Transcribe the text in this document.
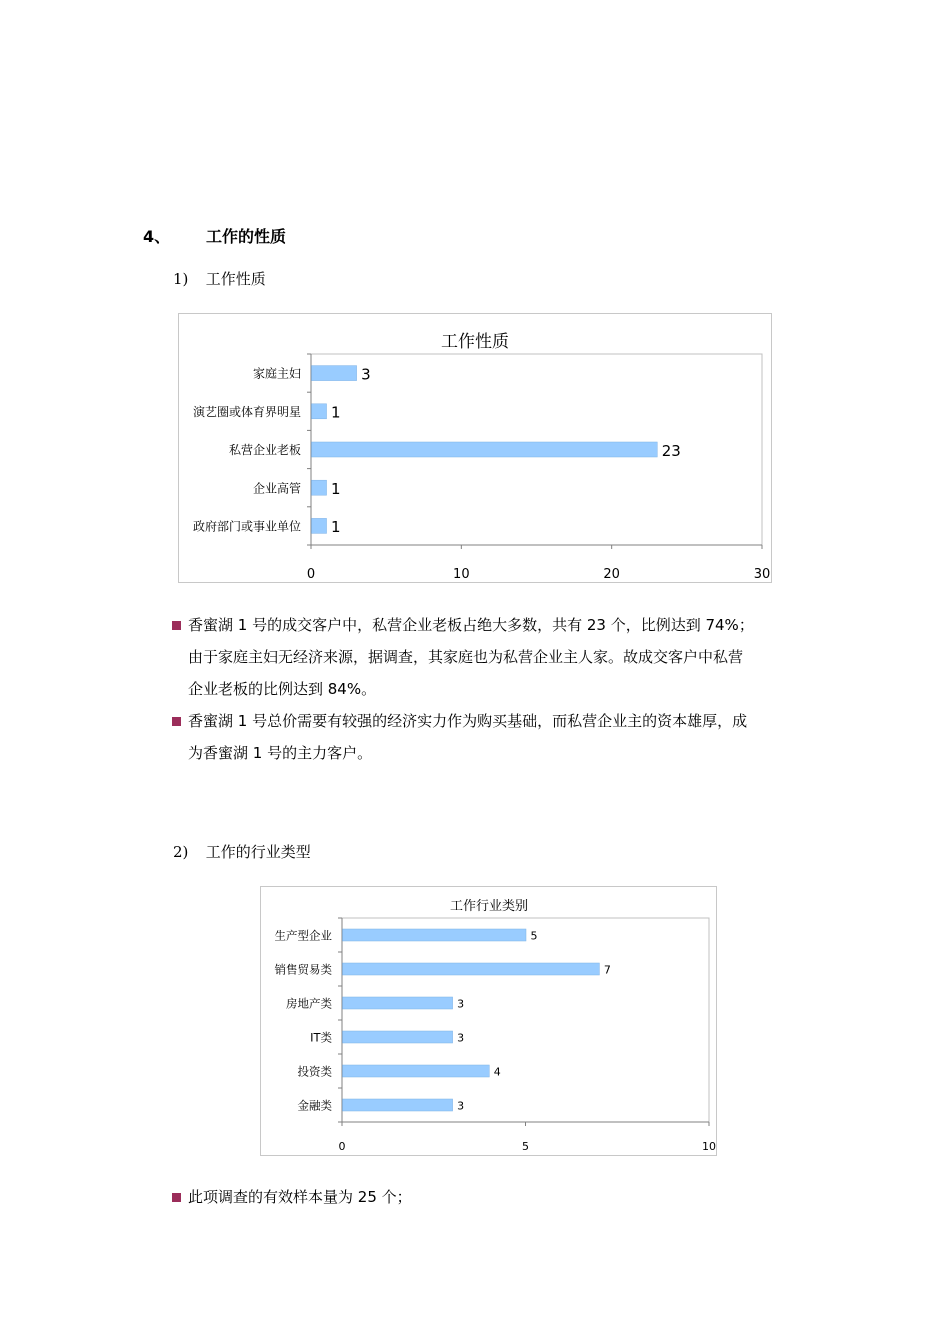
4、 工作的性质
1) 工作性质
工作性质
0	10	20	30
家庭主妇	3
演艺圈或体育界明星 1
私营企业老板	23
企业高管 1
政府部门或事业单位 1
香蜜湖 1 号的成交客户中，私营企业老板占绝大多数，共有 23 个，比例达到 74%；
由于家庭主妇无经济来源，据调查，其家庭也为私营企业主人家。故成交客户中私营
企业老板的比例达到 84%。
香蜜湖 1 号总价需要有较强的经济实力作为购买基础，而私营企业主的资本雄厚，成
为香蜜湖 1 号的主力客户。
2) 工作的行业类型
工作行业类别
0	5	10
生产型企业	5
销售贸易类	7
房地产类	3
IT类	3
投资类	4
金融类	3
此项调查的有效样本量为 25 个；
